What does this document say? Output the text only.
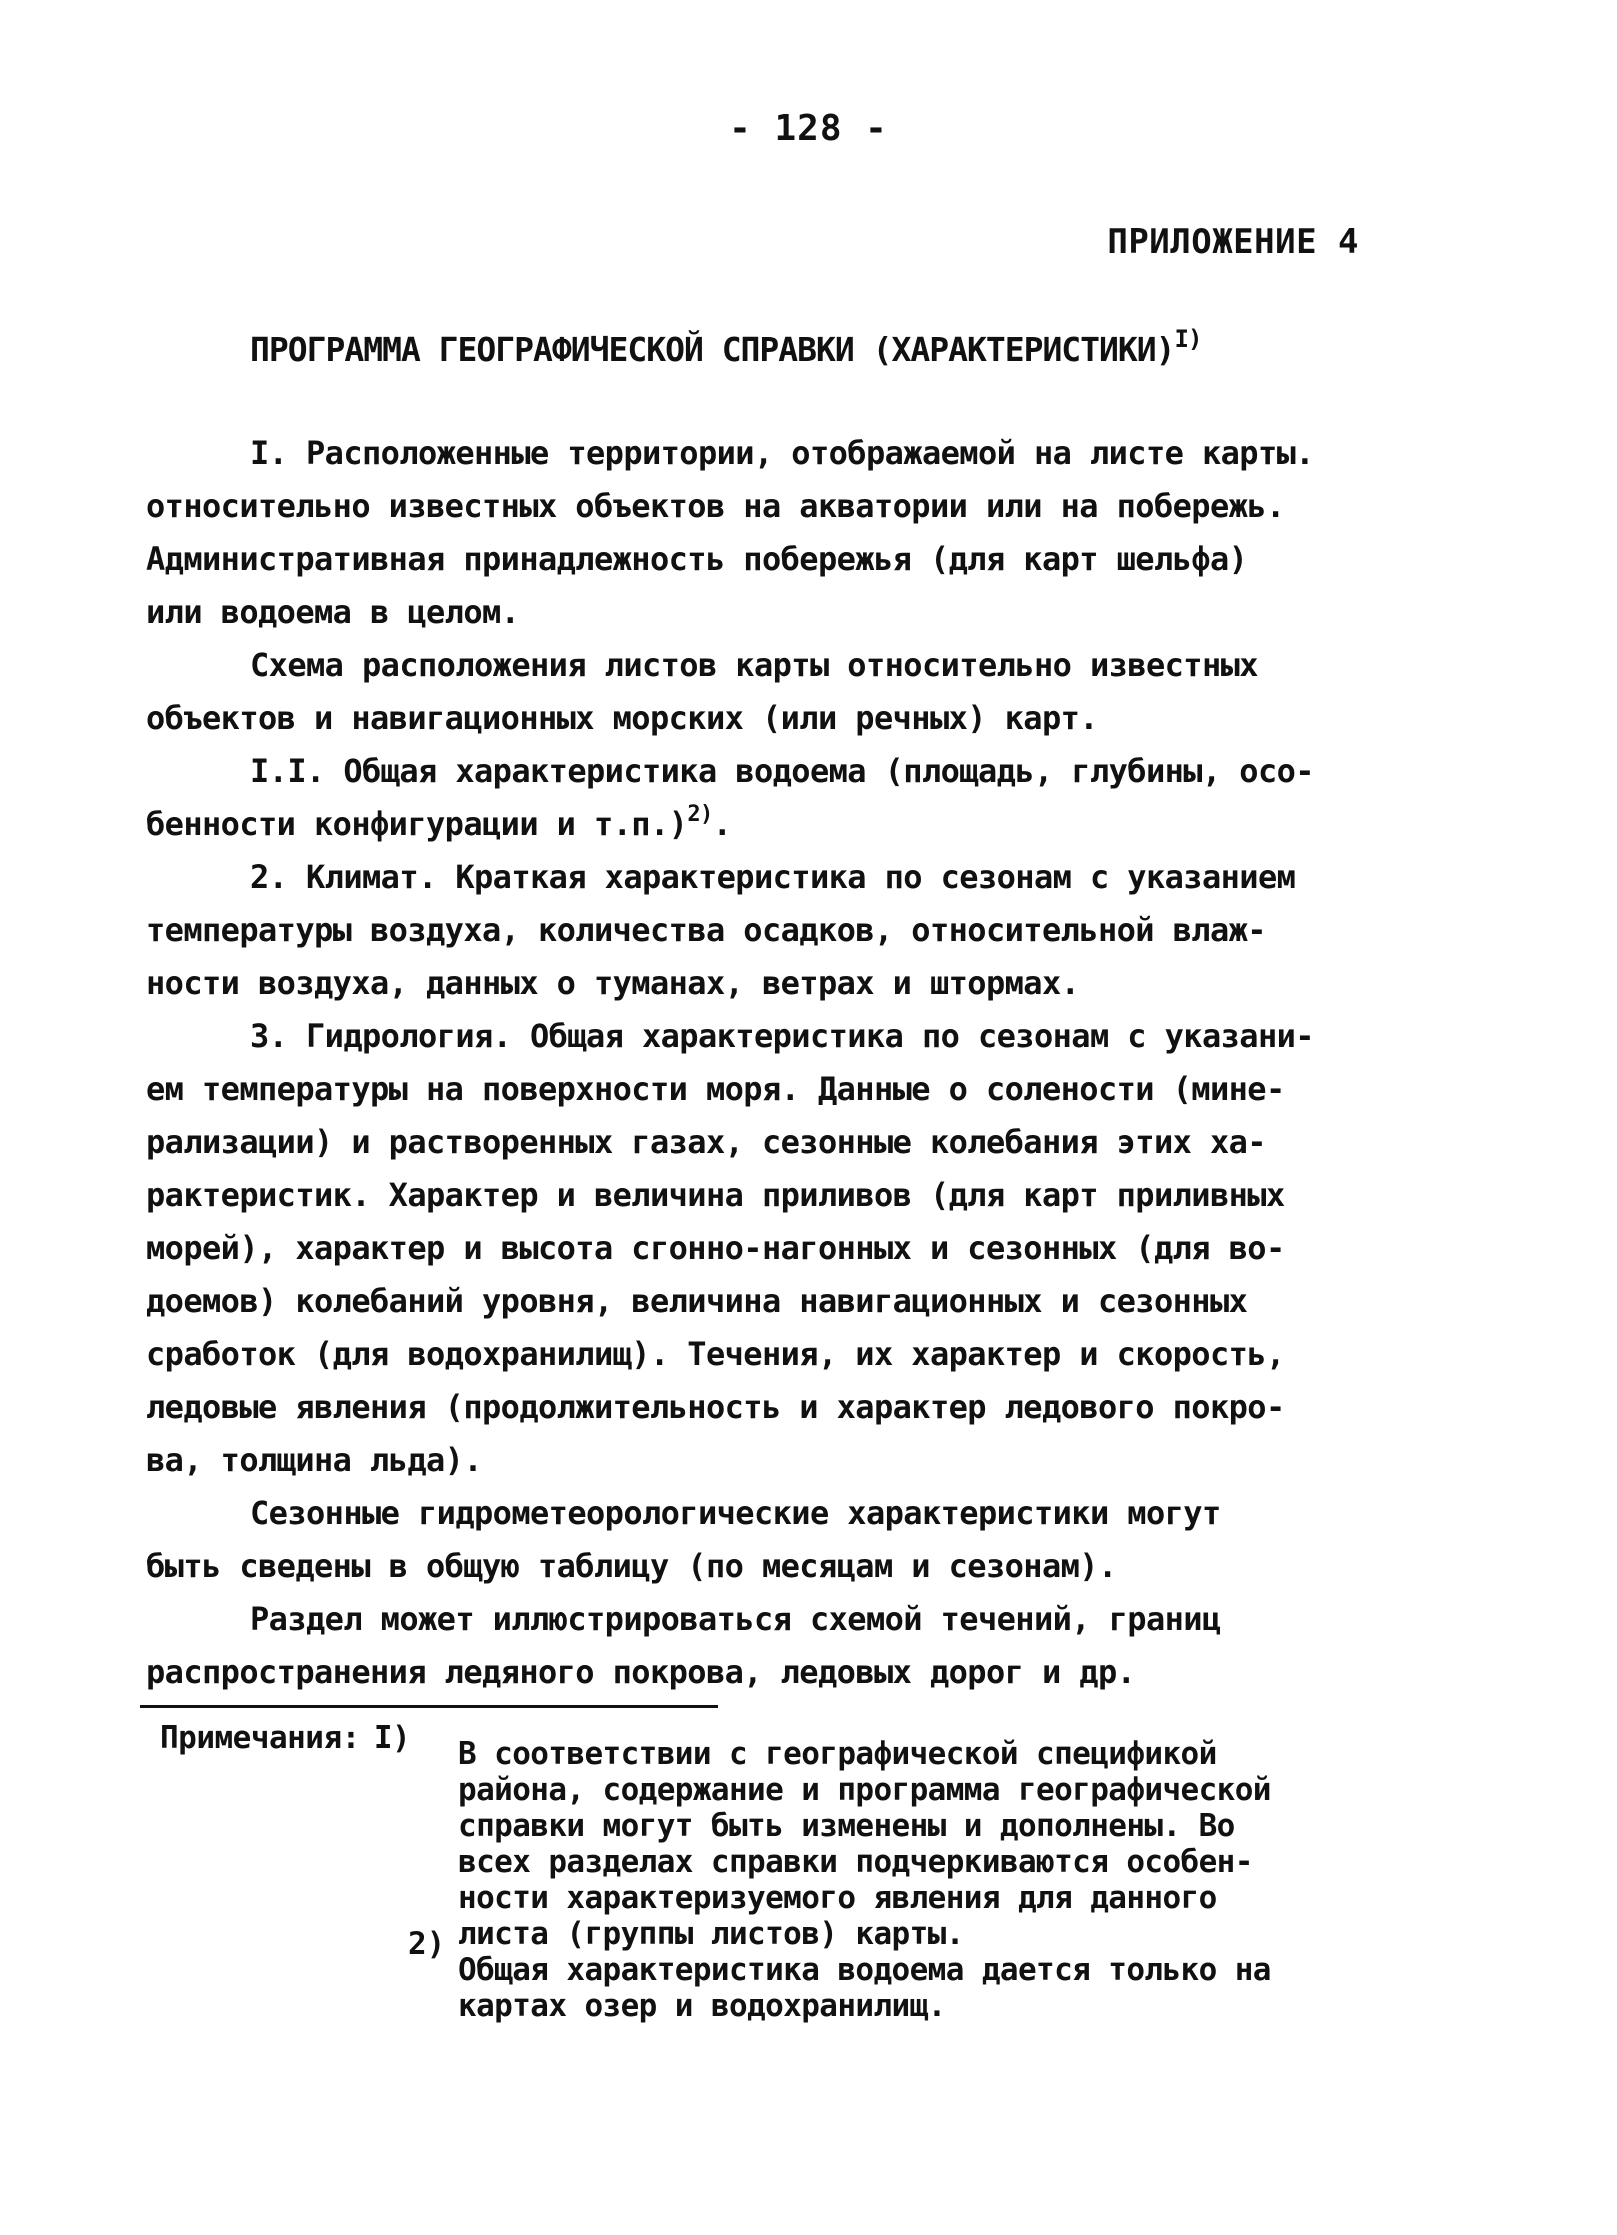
- 128 -
ПРИЛОЖЕНИЕ 4
ПРОГРАММА ГЕОГРАФИЧЕСКОЙ СПРАВКИ (ХАРАКТЕРИСТИКИ)$^{I)}$
I. Расположенные территории, отображаемой на листе карты.
относительно известных объектов на акватории или на побережь.
Административная принадлежность побережья (для карт шельфа)
или водоема в целом.
Схема расположения листов карты относительно известных
объектов и навигационных морских (или речных) карт.
I.I. Общая характеристика водоема (площадь, глубины, осо-
бенности конфигурации и т.п.)$^{2)}$.
2. Климат. Краткая характеристика по сезонам с указанием
температуры воздуха, количества осадков, относительной влаж-
ности воздуха, данных о туманах, ветрах и штормах.
3. Гидрология. Общая характеристика по сезонам с указани-
ем температуры на поверхности моря. Данные о солености (мине-
рализации) и растворенных газах, сезонные колебания этих ха-
рактеристик. Характер и величина приливов (для карт приливных
морей), характер и высота сгонно-нагонных и сезонных (для во-
доемов) колебаний уровня, величина навигационных и сезонных
сработок (для водохранилищ). Течения, их характер и скорость,
ледовые явления (продолжительность и характер ледового покро-
ва, толщина льда).
Сезонные гидрометеорологические характеристики могут
быть сведены в общую таблицу (по месяцам и сезонам).
Раздел может иллюстрироваться схемой течений, границ
распространения ледяного покрова, ледовых дорог и др.
Примечания: I) В соответствии с географической спецификой
района, содержание и программа географической
справки могут быть изменены и дополнены. Во
всех разделах справки подчеркиваются особен-
ности характеризуемого явления для данного
листа (группы листов) карты.
2)
Общая характеристика водоема дается только на
картах озер и водохранилищ.
